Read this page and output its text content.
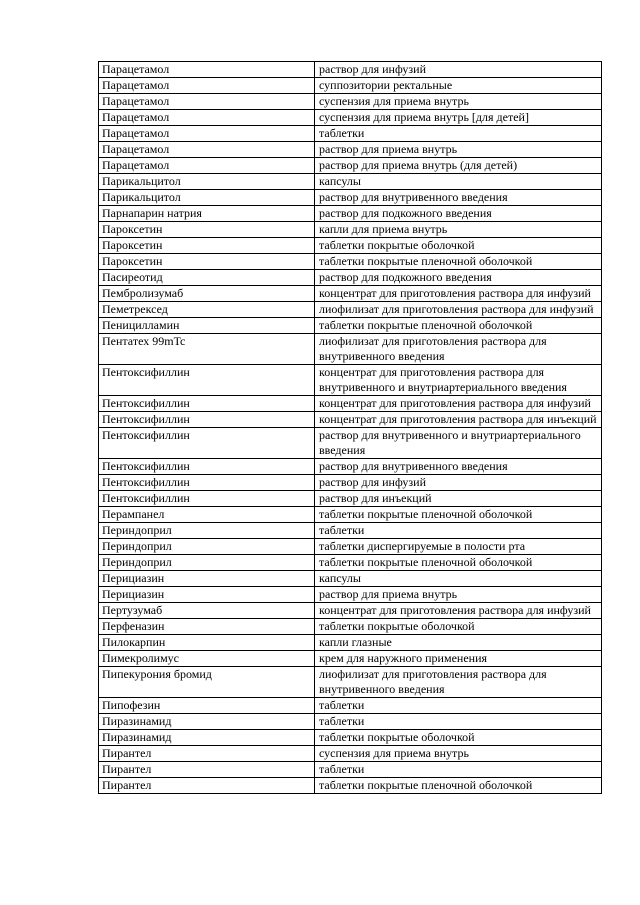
Парацетамол	раствор для инфузий
Парацетамол	суппозитории ректальные
Парацетамол	суспензия для приема внутрь
Парацетамол	суспензия для приема внутрь [для детей]
Парацетамол	таблетки
Парацетамол	раствор для приема внутрь
Парацетамол	раствор для приема внутрь (для детей)
Парикальцитол	капсулы
Парикальцитол	раствор для внутривенного введения
Парнапарин натрия	раствор для подкожного введения
Пароксетин	капли для приема внутрь
Пароксетин	таблетки покрытые оболочкой
Пароксетин	таблетки покрытые пленочной оболочкой
Пасиреотид	раствор для подкожного введения
Пембролизумаб	концентрат для приготовления раствора для инфузий
Пеметрексед	лиофилизат для приготовления раствора для инфузий
Пеницилламин	таблетки покрытые пленочной оболочкой
Пентатех 99mTc	лиофилизат для приготовления раствора для внутривенного введения
Пентоксифиллин	концентрат для приготовления раствора для внутривенного и внутриартериального введения
Пентоксифиллин	концентрат для приготовления раствора для инфузий
Пентоксифиллин	концентрат для приготовления раствора для инъекций
Пентоксифиллин	раствор для внутривенного и внутриартериального введения
Пентоксифиллин	раствор для внутривенного введения
Пентоксифиллин	раствор для инфузий
Пентоксифиллин	раствор для инъекций
Перампанел	таблетки покрытые пленочной оболочкой
Периндоприл	таблетки
Периндоприл	таблетки диспергируемые в полости рта
Периндоприл	таблетки покрытые пленочной оболочкой
Перициазин	капсулы
Перициазин	раствор для приема внутрь
Пертузумаб	концентрат для приготовления раствора для инфузий
Перфеназин	таблетки покрытые оболочкой
Пилокарпин	капли глазные
Пимекролимус	крем для наружного применения
Пипекурония бромид	лиофилизат для приготовления раствора для внутривенного введения
Пипофезин	таблетки
Пиразинамид	таблетки
Пиразинамид	таблетки покрытые оболочкой
Пирантел	суспензия для приема внутрь
Пирантел	таблетки
Пирантел	таблетки покрытые пленочной оболочкой
